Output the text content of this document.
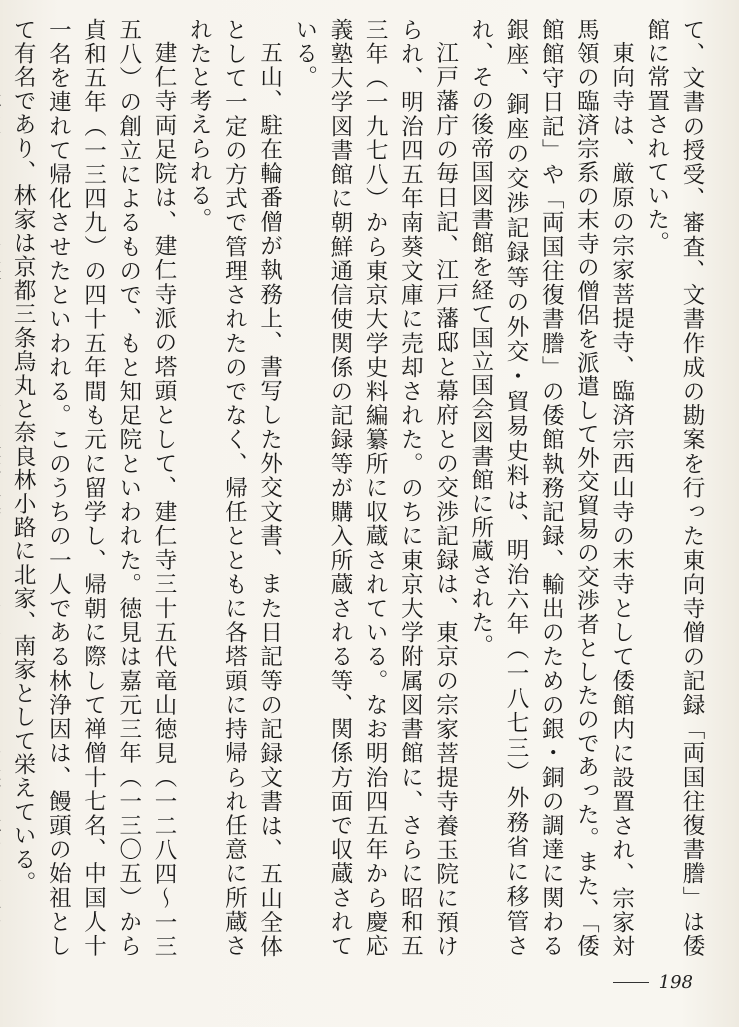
て、文書の授受、審査、文書作成の勘案を行った東向寺僧の記録「両国往復書謄」は倭館に常置されていた。

東向寺は、厳原の宗家菩提寺、臨済宗西山寺の末寺として倭館内に設置され、宗家対馬領の臨済宗系の末寺の僧侶を派遣して外交貿易の交渉者としたのであった。また、「倭館館守日記」や「両国往復書謄」の倭館執務記録、輸出のための銀・銅の調達に関わる銀座、銅座の交渉記録等の外交・貿易史料は、明治六年（一八七三）外務省に移管され、その後帝国図書館を経て国立国会図書館に所蔵された。

江戸藩庁の毎日記、江戸藩邸と幕府との交渉記録は、東京の宗家菩提寺養玉院に預けられ、明治四五年南葵文庫に売却された。のちに東京大学附属図書館に、さらに昭和五三年（一九七八）から東京大学史料編纂所に収蔵されている。なお明治四五年から慶応義塾大学図書館に朝鮮通信使関係の記録等が購入所蔵される等、関係方面で収蔵されている。

五山、駐在輪番僧が執務上、書写した外交文書、また日記等の記録文書は、五山全体として一定の方式で管理されたのでなく、帰任とともに各塔頭に持帰られ任意に所蔵されたと考えられる。

建仁寺両足院は、建仁寺派の塔頭として、建仁寺三十五代竜山徳見（一二八四〜一三五八）の創立によるもので、もと知足院といわれた。徳見は嘉元三年（一三〇五）から貞和五年（一三四九）の四十五年間も元に留学し、帰朝に際して禅僧十七名、中国人十一名を連れて帰化させたといわれる。このうちの一人である林浄因は、饅頭の始祖として有名であり、林家は京都三条烏丸と奈良林小路に北家、南家として栄えている。

198
